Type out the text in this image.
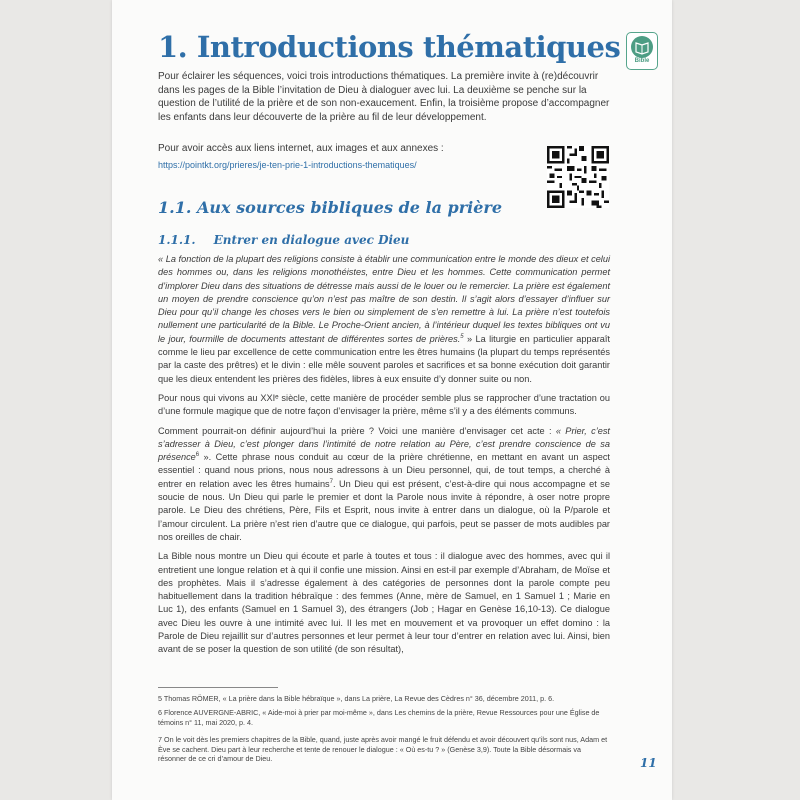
1. Introductions thématiques	Bible

Pour éclairer les séquences, voici trois introductions thématiques. La première invite à (re)découvrir dans les pages de la Bible l’invitation de Dieu à dialoguer avec lui. La deuxième se penche sur la question de l’utilité de la prière et de son non-exaucement. Enfin, la troisième propose d’accompagner les enfants dans leur découverte de la prière au fil de leur développement.

Pour avoir accès aux liens internet, aux images et aux annexes :

https://pointkt.org/prieres/je-ten-prie-1-introductions-thematiques/

1.1. Aux sources bibliques de la prière
1.1.1. Entrer en dialogue avec Dieu

« La fonction de la plupart des religions consiste à établir une communication entre le monde des dieux et celui des hommes ou, dans les religions monothéistes, entre Dieu et les hommes. Cette communication permet d’implorer Dieu dans des situations de détresse mais aussi de le louer ou le remercier. La prière est également un moyen de prendre conscience qu’on n’est pas maître de son destin. Il s’agit alors d’essayer d’influer sur Dieu pour qu’il change les choses vers le bien ou simplement de s’en remettre à lui. La prière n’est toutefois nullement une particularité de la Bible. Le Proche-Orient ancien, à l’intérieur duquel les textes bibliques ont vu le jour, fourmille de documents attestant de différentes sortes de prières.$^5$ » La liturgie en particulier apparaît comme le lieu par excellence de cette communication entre les êtres humains (la plupart du temps représentés par la caste des prêtres) et le divin : elle mêle souvent paroles et sacrifices et sa bonne exécution doit garantir que les dieux entendent les prières des fidèles, libres à eux ensuite d’y donner suite ou non.

Pour nous qui vivons au XXIᵉ siècle, cette manière de procéder semble plus se rapprocher d’une tractation ou d’une formule magique que de notre façon d’envisager la prière, même s’il y a des éléments communs.

Comment pourrait-on définir aujourd’hui la prière ? Voici une manière d’envisager cet acte : « Prier, c’est s’adresser à Dieu, c’est plonger dans l’intimité de notre relation au Père, c’est prendre conscience de sa présence$^6$ ». Cette phrase nous conduit au cœur de la prière chrétienne, en mettant en avant un aspect essentiel : quand nous prions, nous nous adressons à un Dieu personnel, qui, de tout temps, a cherché à entrer en relation avec les êtres humains$^7$. Un Dieu qui est présent, c’est-à-dire qui nous accompagne et se soucie de nous. Un Dieu qui parle le premier et dont la Parole nous invite à répondre, à oser notre propre parole. Le Dieu des chrétiens, Père, Fils et Esprit, nous invite à entrer dans un dialogue, où la P/parole et l’amour circulent. La prière n’est rien d’autre que ce dialogue, qui parfois, peut se passer de mots audibles par nos oreilles de chair.

La Bible nous montre un Dieu qui écoute et parle à toutes et tous : il dialogue avec des hommes, avec qui il entretient une longue relation et à qui il confie une mission. Ainsi en est-il par exemple d’Abraham, de Moïse et des prophètes. Mais il s’adresse également à des catégories de personnes dont la parole compte peu habituellement dans la tradition hébraïque : des femmes (Anne, mère de Samuel, en 1 Samuel 1 ; Marie en Luc 1), des enfants (Samuel en 1 Samuel 3), des étrangers (Job ; Hagar en Genèse 16,10-13). Ce dialogue avec Dieu les ouvre à une intimité avec lui. Il les met en mouvement et va provoquer un effet domino : la Parole de Dieu rejaillit sur d’autres personnes et leur permet à leur tour d’entrer en relation avec lui. Ainsi, bien avant de se poser la question de son utilité (de son résultat),

5 Thomas RÖMER, « La prière dans la Bible hébraïque », dans La prière, La Revue des Cèdres n° 36, décembre 2011, p. 6.

6 Florence AUVERGNE-ABRIC, « Aide-moi à prier par moi-même », dans Les chemins de la prière, Revue Ressources pour une Église de témoins n° 11, mai 2020, p. 4.

7 On le voit dès les premiers chapitres de la Bible, quand, juste après avoir mangé le fruit défendu et avoir découvert qu’ils sont nus, Adam et Ève se cachent. Dieu part à leur recherche et tente de renouer le dialogue : « Où es-tu ? » (Genèse 3,9). Toute la Bible désormais va résonner de ce cri d’amour de Dieu.	11
